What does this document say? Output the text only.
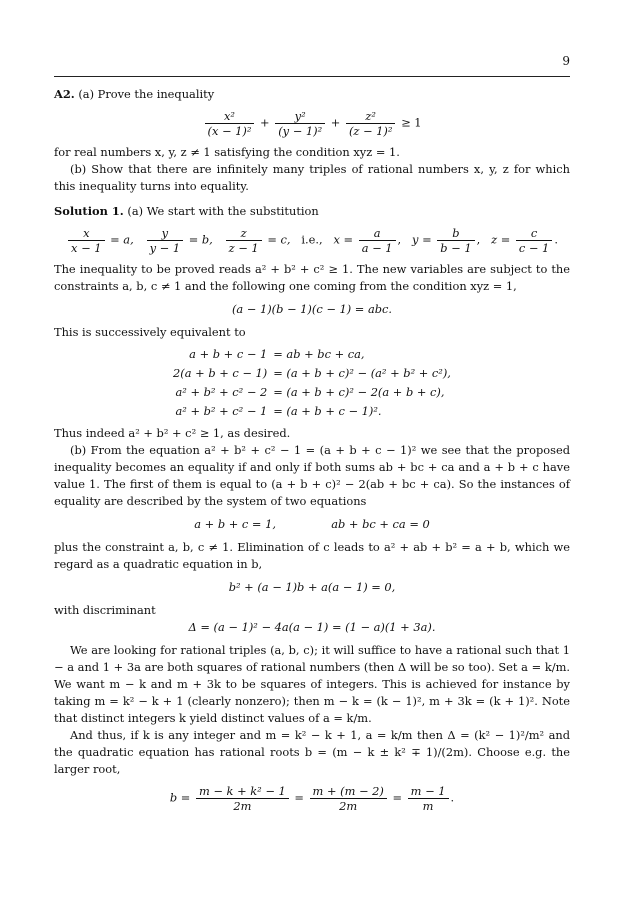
9

A2. (a) Prove the inequality

$\frac{\text{x²}}{\text{(x − 1)²}} + \frac{\text{y²}}{\text{(y − 1)²}} + \frac{\text{z²}}{\text{(z − 1)²}} \ge 1$

for real numbers x, y, z ≠ 1 satisfying the condition xyz = 1.

(b) Show that there are infinitely many triples of rational numbers x, y, z for which this inequality turns into equality.

Solution 1. (a) We start with the substitution

$\frac{x}{x - 1} = a$, $\frac{y}{y - 1} = b$, $\frac{z}{z - 1} = c$, i.e., $x = \frac{a}{a - 1}$ , $y = \frac{b}{b - 1}$ , $z = \frac{c}{c - 1}$ .

The inequality to be proved reads a² + b² + c² ≥ 1. The new variables are subject to the constraints a, b, c ≠ 1 and the following one coming from the condition xyz = 1,

(a − 1)(b − 1)(c − 1) = abc.

This is successively equivalent to

a + b + c − 1	= ab + bc + ca,
2(a + b + c − 1)	= (a + b + c)² − (a² + b² + c²),
a² + b² + c² − 2	= (a + b + c)² − 2(a + b + c),
a² + b² + c² − 1	= (a + b + c − 1)².

Thus indeed a² + b² + c² ≥ 1, as desired.

(b) From the equation a² + b² + c² − 1 = (a + b + c − 1)² we see that the proposed inequality becomes an equality if and only if both sums ab + bc + ca and a + b + c have value 1. The first of them is equal to (a + b + c)² − 2(ab + bc + ca). So the instances of equality are described by the system of two equations

a + b + c = 1,	ab + bc + ca = 0

plus the constraint a, b, c ≠ 1. Elimination of c leads to a² + ab + b² = a + b, which we regard as a quadratic equation in b,

b² + (a − 1)b + a(a − 1) = 0,

with discriminant

Δ = (a − 1)² − 4a(a − 1) = (1 − a)(1 + 3a).

We are looking for rational triples (a, b, c); it will suffice to have a rational such that 1 − a and 1 + 3a are both squares of rational numbers (then Δ will be so too). Set a = k/m. We want m − k and m + 3k to be squares of integers. This is achieved for instance by taking m = k² − k + 1 (clearly nonzero); then m − k = (k − 1)², m + 3k = (k + 1)². Note that distinct integers k yield distinct values of a = k/m.

And thus, if k is any integer and m = k² − k + 1, a = k/m then Δ = (k² − 1)²/m² and the quadratic equation has rational roots b = (m − k ± k² ∓ 1)/(2m). Choose e.g. the larger root,

$b = \frac{\text{m − k + k² − 1}}{2m} = \frac{m + (m - 2)}{2m} = \frac{m - 1}{m}$ .
